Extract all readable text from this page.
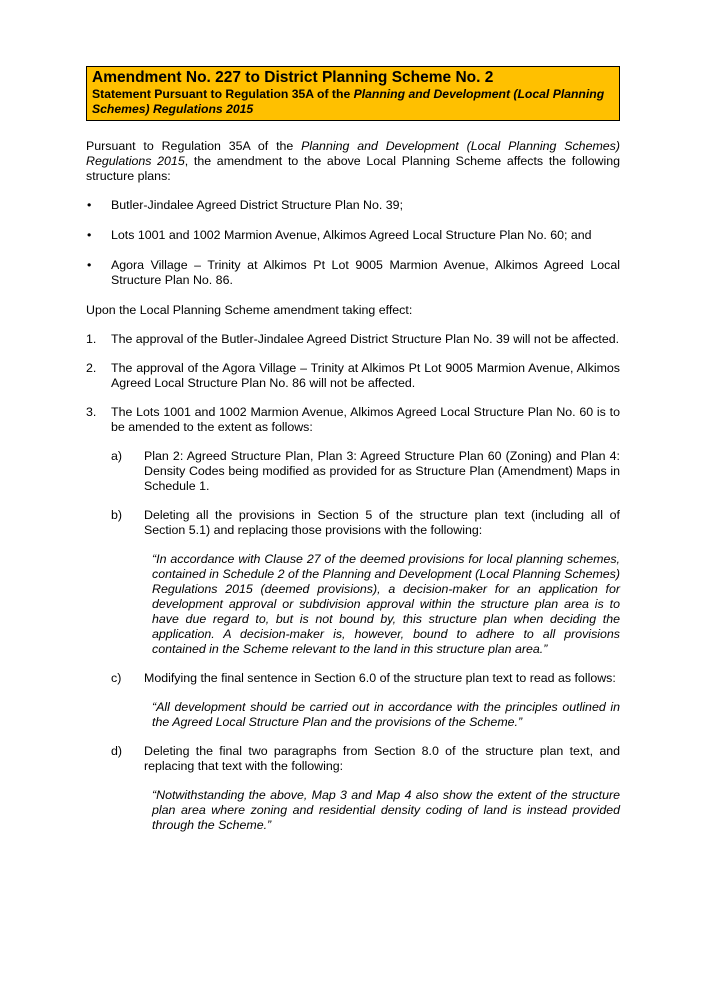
Amendment No. 227 to District Planning Scheme No. 2
Statement Pursuant to Regulation 35A of the Planning and Development (Local Planning Schemes) Regulations 2015

Pursuant to Regulation 35A of the Planning and Development (Local Planning Schemes) Regulations 2015, the amendment to the above Local Planning Scheme affects the following structure plans:

• Butler-Jindalee Agreed District Structure Plan No. 39;
• Lots 1001 and 1002 Marmion Avenue, Alkimos Agreed Local Structure Plan No. 60; and
• Agora Village – Trinity at Alkimos Pt Lot 9005 Marmion Avenue, Alkimos Agreed Local Structure Plan No. 86.

Upon the Local Planning Scheme amendment taking effect:

1. The approval of the Butler-Jindalee Agreed District Structure Plan No. 39 will not be affected.
2. The approval of the Agora Village – Trinity at Alkimos Pt Lot 9005 Marmion Avenue, Alkimos Agreed Local Structure Plan No. 86 will not be affected.
3. The Lots 1001 and 1002 Marmion Avenue, Alkimos Agreed Local Structure Plan No. 60 is to be amended to the extent as follows:
a) Plan 2: Agreed Structure Plan, Plan 3: Agreed Structure Plan 60 (Zoning) and Plan 4: Density Codes being modified as provided for as Structure Plan (Amendment) Maps in Schedule 1.
b) Deleting all the provisions in Section 5 of the structure plan text (including all of Section 5.1) and replacing those provisions with the following:

“In accordance with Clause 27 of the deemed provisions for local planning schemes, contained in Schedule 2 of the Planning and Development (Local Planning Schemes) Regulations 2015 (deemed provisions), a decision-maker for an application for development approval or subdivision approval within the structure plan area is to have due regard to, but is not bound by, this structure plan when deciding the application. A decision-maker is, however, bound to adhere to all provisions contained in the Scheme relevant to the land in this structure plan area.”

c) Modifying the final sentence in Section 6.0 of the structure plan text to read as follows:

“All development should be carried out in accordance with the principles outlined in the Agreed Local Structure Plan and the provisions of the Scheme.”

d) Deleting the final two paragraphs from Section 8.0 of the structure plan text, and replacing that text with the following:

“Notwithstanding the above, Map 3 and Map 4 also show the extent of the structure plan area where zoning and residential density coding of land is instead provided through the Scheme.”
